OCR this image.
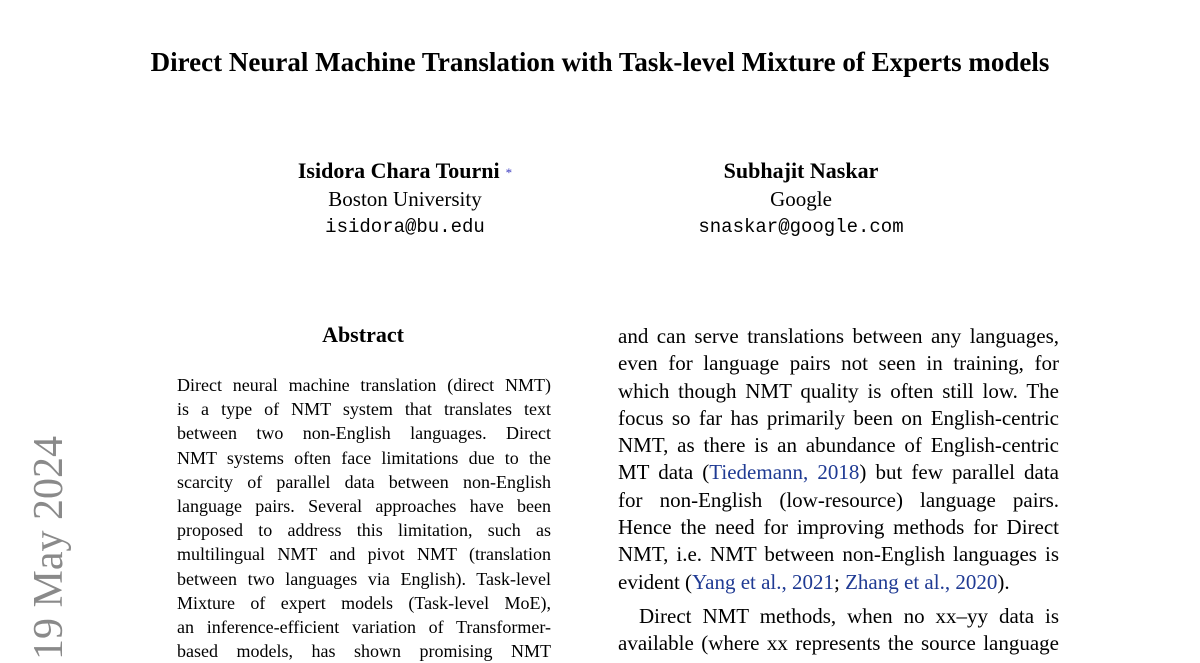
Direct Neural Machine Translation with Task-level Mixture of Experts models
Isidora Chara Tourni *
Boston University
isidora@bu.edu
Subhajit Naskar
Google
snaskar@google.com
19 May 2024
Abstract
Direct neural machine translation (direct NMT)
is a type of NMT system that translates text
between two non-English languages. Direct
NMT systems often face limitations due to the
scarcity of parallel data between non-English
language pairs. Several approaches have been
proposed to address this limitation, such as
multilingual NMT and pivot NMT (translation
between two languages via English). Task-level
Mixture of expert models (Task-level MoE),
an inference-efficient variation of Transformer-
based models, has shown promising NMT
and can serve translations between any languages,
even for language pairs not seen in training, for
which though NMT quality is often still low. The
focus so far has primarily been on English-centric
NMT, as there is an abundance of English-centric
MT data (Tiedemann, 2018) but few parallel data
for non-English (low-resource) language pairs.
Hence the need for improving methods for Direct
NMT, i.e. NMT between non-English languages is
evident (Yang et al., 2021; Zhang et al., 2020).
Direct NMT methods, when no xx–yy data is
available (where xx represents the source language
